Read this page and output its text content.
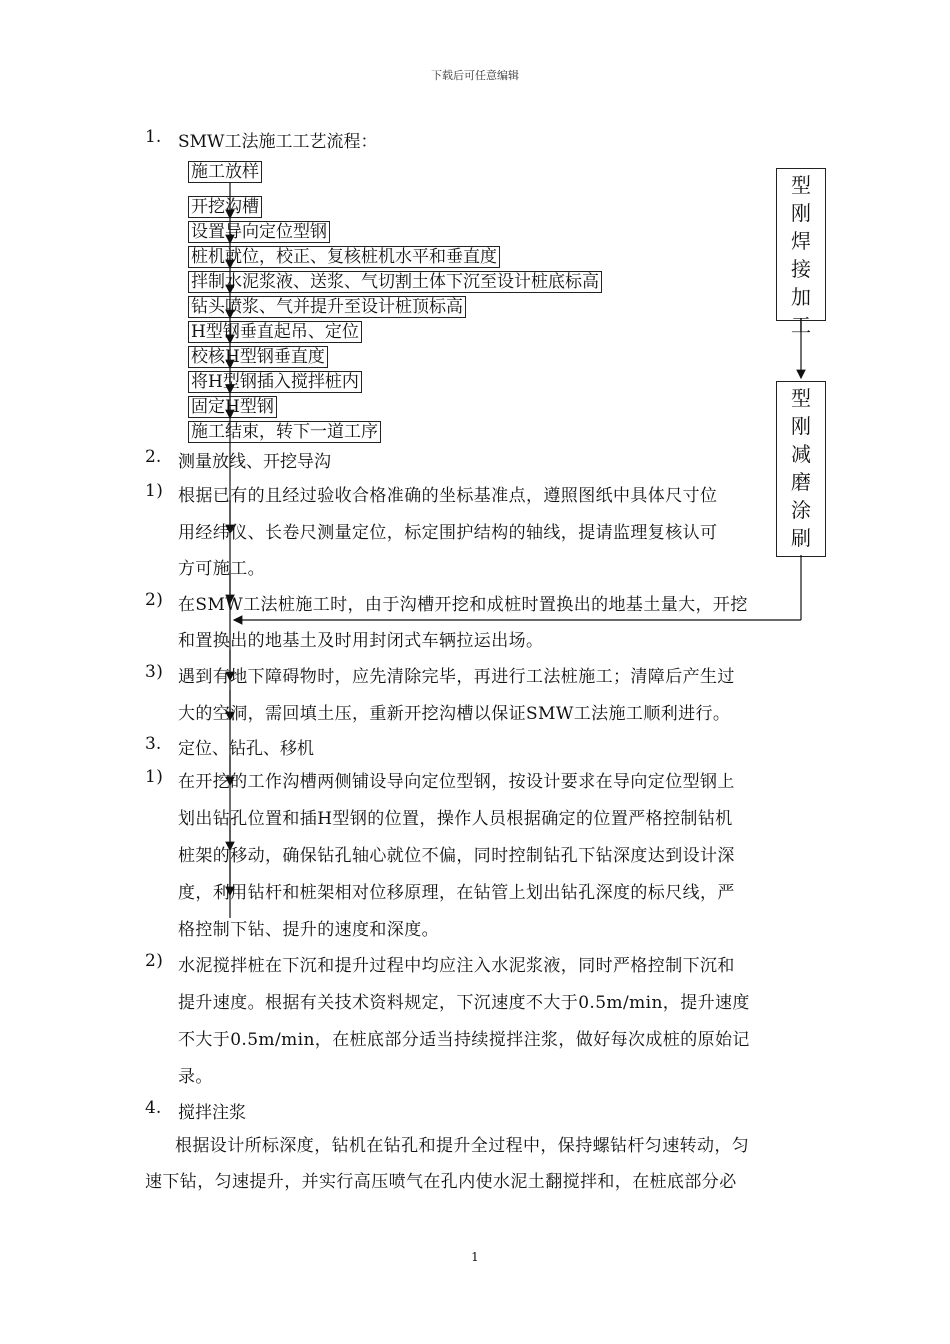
下载后可任意编辑
1. SMW工法施工工艺流程：
施工放样
开挖沟槽
设置导向定位型钢
桩机就位，校正、复核桩机水平和垂直度
拌制水泥浆液、送浆、气切割土体下沉至设计桩底标高
钻头喷浆、气并提升至设计桩顶标高
H型钢垂直起吊、定位
校核H型钢垂直度
将H型钢插入搅拌桩内
固定H型钢
施工结束，转下一道工序
型
刚
焊
接
加
工
型
刚
减
磨
涂
刷
2. 测量放线、开挖导沟
1) 根据已有的且经过验收合格准确的坐标基准点，遵照图纸中具体尺寸位
用经纬仪、长卷尺测量定位，标定围护结构的轴线，提请监理复核认可
方可施工。
2) 在SMW工法桩施工时，由于沟槽开挖和成桩时置换出的地基土量大，开挖
和置换出的地基土及时用封闭式车辆拉运出场。
3) 遇到有地下障碍物时，应先清除完毕，再进行工法桩施工；清障后产生过
大的空洞，需回填土压，重新开挖沟槽以保证SMW工法施工顺利进行。
3. 定位、钻孔、移机
1) 在开挖的工作沟槽两侧铺设导向定位型钢，按设计要求在导向定位型钢上
划出钻孔位置和插H型钢的位置，操作人员根据确定的位置严格控制钻机
桩架的移动，确保钻孔轴心就位不偏，同时控制钻孔下钻深度达到设计深
度，利用钻杆和桩架相对位移原理，在钻管上划出钻孔深度的标尺线，严
格控制下钻、提升的速度和深度。
2) 水泥搅拌桩在下沉和提升过程中均应注入水泥浆液，同时严格控制下沉和
提升速度。根据有关技术资料规定，下沉速度不大于0.5m/min，提升速度
不大于0.5m/min，在桩底部分适当持续搅拌注浆，做好每次成桩的原始记
录。
4. 搅拌注浆
根据设计所标深度，钻机在钻孔和提升全过程中，保持螺钻杆匀速转动，匀
速下钻，匀速提升，并实行高压喷气在孔内使水泥土翻搅拌和，在桩底部分必
1
